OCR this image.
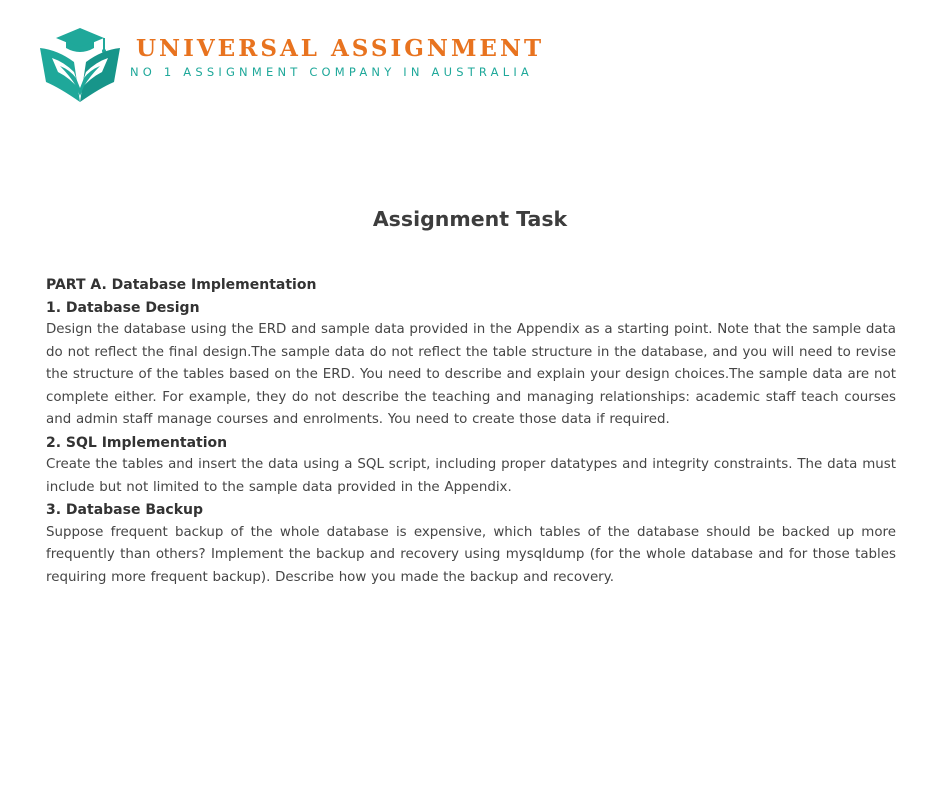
UNIVERSAL ASSIGNMENT
NO 1 ASSIGNMENT COMPANY IN AUSTRALIA
Assignment Task
PART A. Database Implementation
1. Database Design
Design the database using the ERD and sample data provided in the Appendix as a starting point. Note that the sample data do not reflect the final design.The sample data do not reflect the table structure in the database, and you will need to revise the structure of the tables based on the ERD. You need to describe and explain your design choices.The sample data are not complete either. For example, they do not describe the teaching and managing relationships: academic staff teach courses and admin staff manage courses and enrolments. You need to create those data if required.
2. SQL Implementation
Create the tables and insert the data using a SQL script, including proper datatypes and integrity constraints. The data must include but not limited to the sample data provided in the Appendix.
3. Database Backup
Suppose frequent backup of the whole database is expensive, which tables of the database should be backed up more frequently than others? Implement the backup and recovery using mysqldump (for the whole database and for those tables requiring more frequent backup). Describe how you made the backup and recovery.
